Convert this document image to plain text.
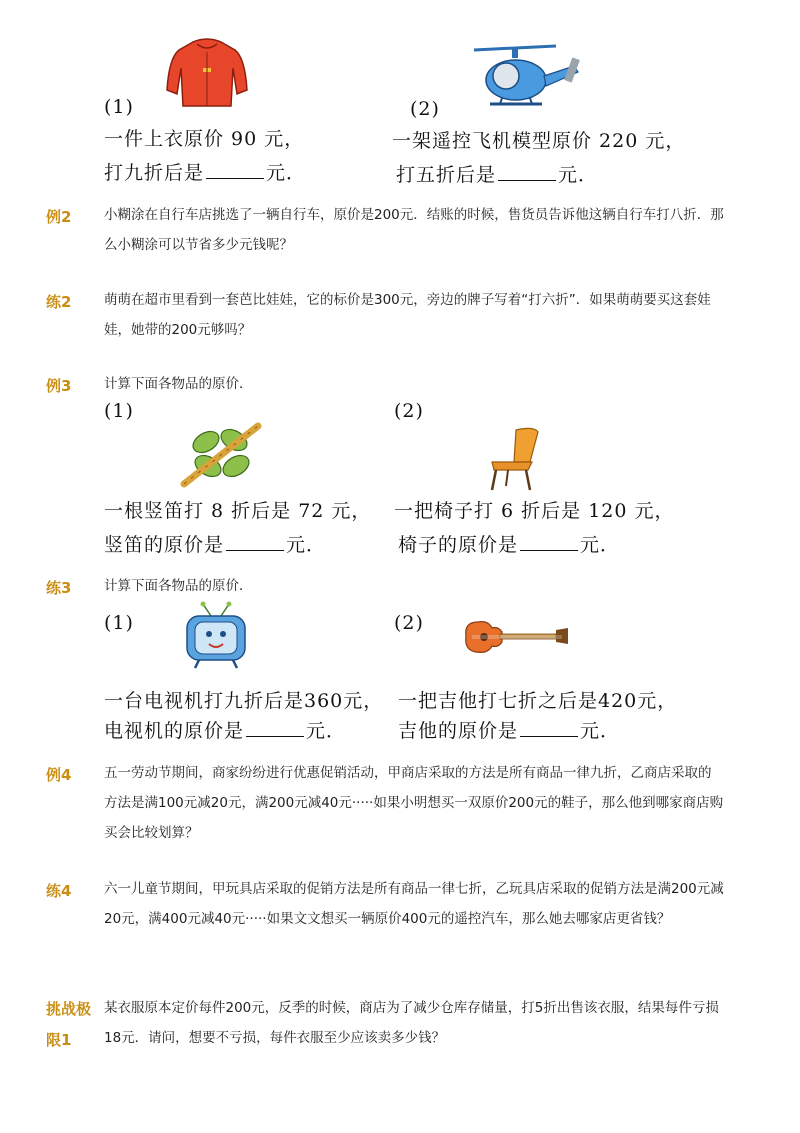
(1)
一件上衣原价 90 元，
打九折后是	元．
(2)
一架遥控飞机模型原价 220 元，
打五折后是	元．
例2 小糊涂在自行车店挑选了一辆自行车，原价是200元．结账的时候，售货员告诉他这辆自行车打八折．那么小糊涂可以节省多少元钱呢？
练2 萌萌在超市里看到一套芭比娃娃，它的标价是300元，旁边的牌子写着“打六折”．如果萌萌要买这套娃娃，她带的200元够吗？
例3 计算下面各物品的原价．
(1)	(2)
一根竖笛打 8 折后是 72 元，
竖笛的原价是	元．
一把椅子打 6 折后是 120 元，
椅子的原价是	元．
练3 计算下面各物品的原价．
(1)	(2)
一台电视机打九折后是360元，
电视机的原价是	元．
一把吉他打七折之后是420元，
吉他的原价是	元．
例4 五一劳动节期间，商家纷纷进行优惠促销活动，甲商店采取的方法是所有商品一律九折，乙商店采取的方法是满100元减20元，满200元减40元·····如果小明想买一双原价200元的鞋子，那么他到哪家商店购买会比较划算？
练4 六一儿童节期间，甲玩具店采取的促销方法是所有商品一律七折，乙玩具店采取的促销方法是满200元减20元，满400元减40元·····如果文文想买一辆原价400元的遥控汽车，那么她去哪家店更省钱？
挑战极
限1
某衣服原本定价每件200元，反季的时候，商店为了减少仓库存储量，打5折出售该衣服，结果每件亏损18元．请问，想要不亏损，每件衣服至少应该卖多少钱？
